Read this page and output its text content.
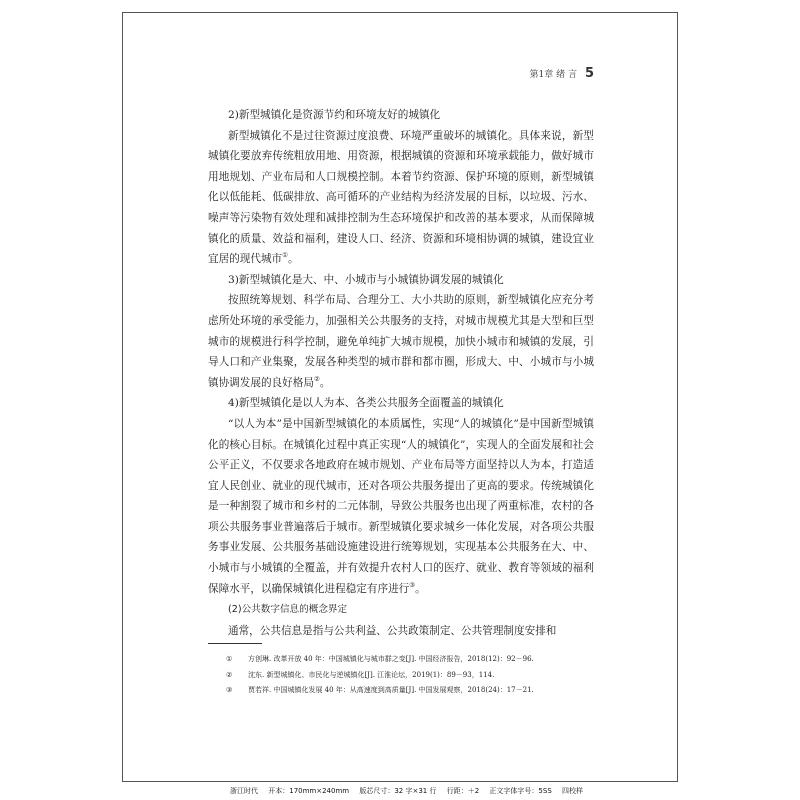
第1章 绪 言 5

2)新型城镇化是资源节约和环境友好的城镇化

新型城镇化不是过往资源过度浪费、环境严重破坏的城镇化。具体来说，新型城镇化要放弃传统粗放用地、用资源，根据城镇的资源和环境承载能力，做好城市用地规划、产业布局和人口规模控制。本着节约资源、保护环境的原则，新型城镇化以低能耗、低碳排放、高可循环的产业结构为经济发展的目标，以垃圾、污水、噪声等污染物有效处理和减排控制为生态环境保护和改善的基本要求，从而保障城镇化的质量、效益和福利，建设人口、经济、资源和环境相协调的城镇，建设宜业宜居的现代城市①。

3)新型城镇化是大、中、小城市与小城镇协调发展的城镇化

按照统筹规划、科学布局、合理分工、大小共助的原则，新型城镇化应充分考虑所处环境的承受能力，加强相关公共服务的支持，对城市规模尤其是大型和巨型城市的规模进行科学控制，避免单纯扩大城市规模，加快小城市和城镇的发展，引导人口和产业集聚，发展各种类型的城市群和都市圈，形成大、中、小城市与小城镇协调发展的良好格局②。

4)新型城镇化是以人为本、各类公共服务全面覆盖的城镇化

“以人为本”是中国新型城镇化的本质属性，实现“人的城镇化”是中国新型城镇化的核心目标。在城镇化过程中真正实现“人的城镇化”，实现人的全面发展和社会公平正义，不仅要求各地政府在城市规划、产业布局等方面坚持以人为本，打造适宜人民创业、就业的现代城市，还对各项公共服务提出了更高的要求。传统城镇化是一种割裂了城市和乡村的二元体制，导致公共服务也出现了两重标准，农村的各项公共服务事业普遍落后于城市。新型城镇化要求城乡一体化发展，对各项公共服务事业发展、公共服务基础设施建设进行统筹规划，实现基本公共服务在大、中、小城市与小城镇的全覆盖，并有效提升农村人口的医疗、就业、教育等领域的福利保障水平，以确保城镇化进程稳定有序进行③。

(2)公共数字信息的概念界定

通常，公共信息是指与公共利益、公共政策制定、公共管理制度安排和

①	方创琳. 改革开放 40 年：中国城镇化与城市群之变[J]. 中国经济报告，2018(12)：92－96.
②	沈东. 新型城镇化、市民化与逆城镇化[J]. 江淮论坛，2019(1)：89－93，114.
③	贾若祥. 中国城镇化发展 40 年：从高速度到高质量[J]. 中国发展观察，2018(24)：17－21.
浙江时代 开本：170mm×240mm 版芯尺寸：32 字×31 行 行距：＋2 正文字体字号：5SS 四校样
